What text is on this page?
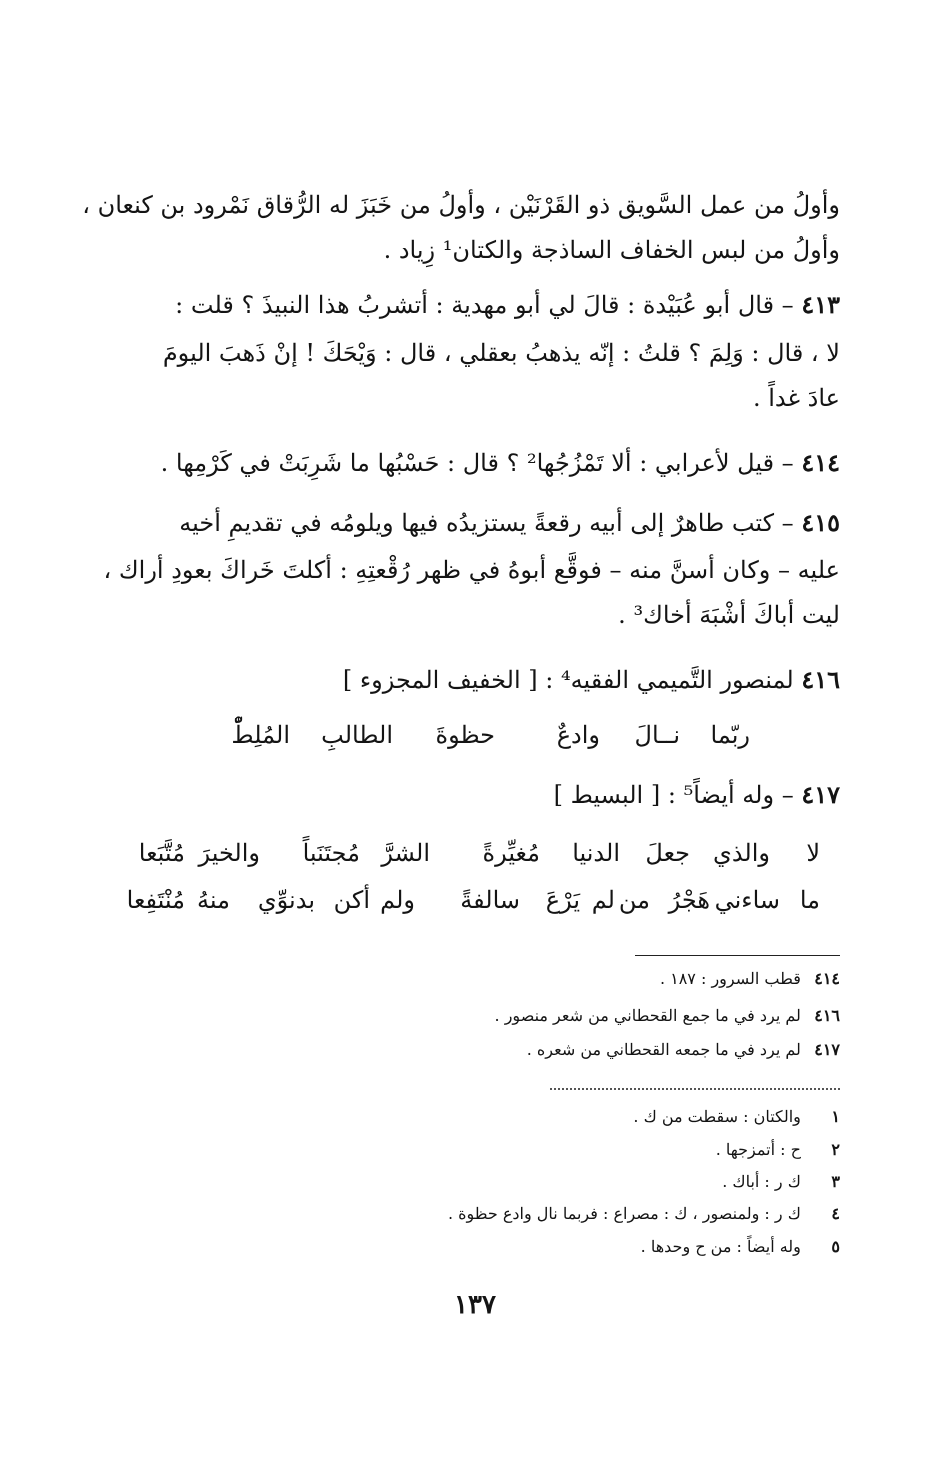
وأولُ من عمل السَّويق ذو القَرْنَيْن ، وأولُ من خَبَزَ له الرُّقاق نَمْرود بن كنعان ،
وأولُ من لبس الخفاف الساذجة والكتان¹ زِياد .
٤١٣ – قال أبو عُبَيْدة : قالَ لي أبو مهدية : أتشربُ هذا النبيذَ ؟ قلت :
لا ، قال : وَلِمَ ؟ قلتُ : إنّه يذهبُ بعقلي ، قال : وَيْحَكَ ! إنْ ذَهبَ اليومَ
عادَ غداً .
٤١٤ – قيل لأعرابي : ألا تَمْزُجُها² ؟ قال : حَسْبُها ما شَرِبَتْ في كَرْمِها .
٤١٥ – كتب طاهرٌ إلى أبيه رقعةً يستزيدُه فيها ويلومُه في تقديمِ أخيه
عليه – وكان أسنَّ منه – فوقَّع أبوهُ في ظهر رُقْعتِهِ : أكلتَ خَراكَ بعودِ أراك ،
ليت أباكَ أشْبَهَ أخاك³ .
٤١٦ لمنصور التَّميمي الفقيه⁴ : [ الخفيف المجزوء ]
ربّما
نــالَ
وادعٌ
حظوةَ
الطالبِ
المُلِطّْ
٤١٧ – وله أيضاً⁵ : [ البسيط ]
لا
والذي
جعلَ
الدنيا
مُغيِّرةً
الشرَّ
مُجتَنَباً
والخيرَ
مُتَّبَعا
ما
ساءني
هَجْرُ
من
لم
يَرْعَ
سالفةً
ولم
أكن
بدنوِّي
منهُ
مُنْتَفِعا
٤١٤ قطب السرور : ١٨٧ .
٤١٦ لم يرد في ما جمع القحطاني من شعر منصور .
٤١٧ لم يرد في ما جمعه القحطاني من شعره .
١ والكتان : سقطت من ك .
٢ ح : أتمزجها .
٣ ك ر : أباك .
٤ ك ر : ولمنصور ، ك : مصراع : فربما نال وادع حظوة .
٥ وله أيضاً : من ح وحدها .
١٣٧
